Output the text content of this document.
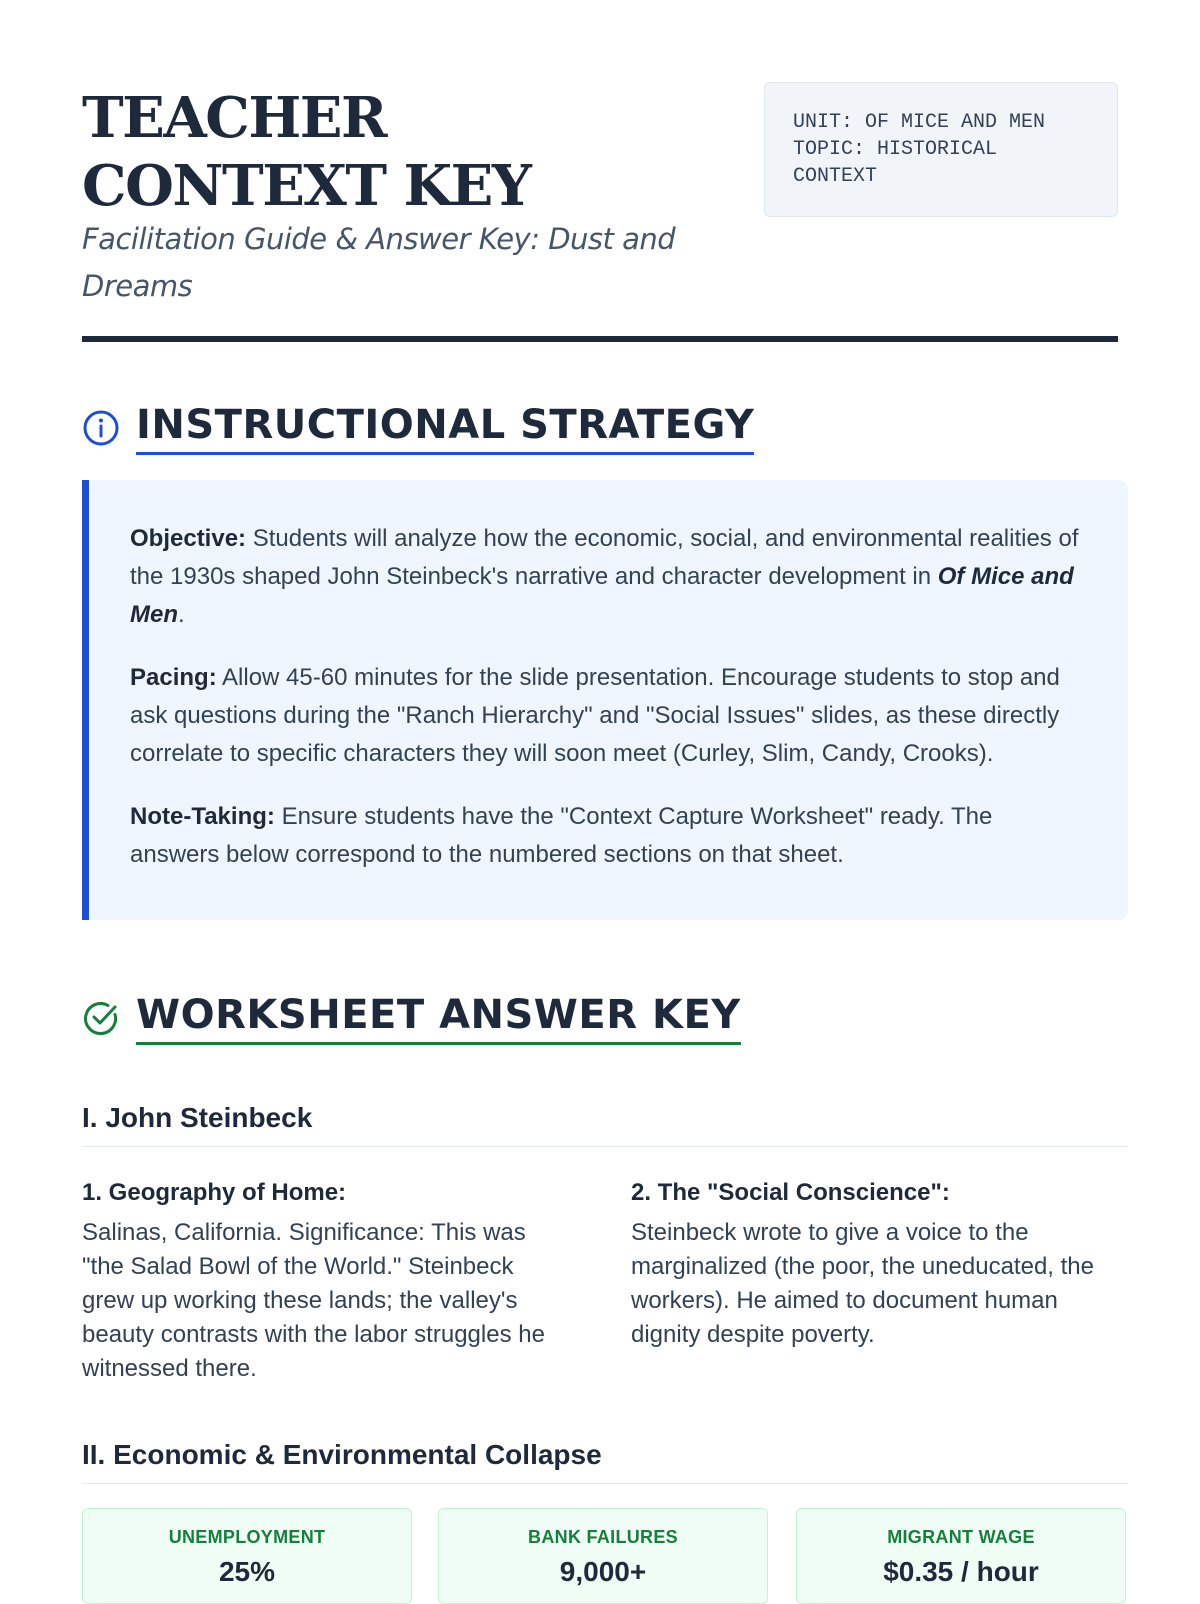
TEACHER CONTEXT KEY
Facilitation Guide & Answer Key: Dust and Dreams
UNIT: OF MICE AND MEN
TOPIC: HISTORICAL CONTEXT
INSTRUCTIONAL STRATEGY

Objective: Students will analyze how the economic, social, and environmental realities of the 1930s shaped John Steinbeck's narrative and character development in Of Mice and Men.

Pacing: Allow 45-60 minutes for the slide presentation. Encourage students to stop and ask questions during the "Ranch Hierarchy" and "Social Issues" slides, as these directly correlate to specific characters they will soon meet (Curley, Slim, Candy, Crooks).

Note-Taking: Ensure students have the "Context Capture Worksheet" ready. The answers below correspond to the numbered sections on that sheet.

WORKSHEET ANSWER KEY
I. John Steinbeck
1. Geography of Home:
Salinas, California. Significance: This was "the Salad Bowl of the World." Steinbeck grew up working these lands; the valley's beauty contrasts with the labor struggles he witnessed there.
2. The "Social Conscience":
Steinbeck wrote to give a voice to the marginalized (the poor, the uneducated, the workers). He aimed to document human dignity despite poverty.
II. Economic & Environmental Collapse
UNEMPLOYMENT
25%
BANK FAILURES
9,000+
MIGRANT WAGE
$0.35 / hour
